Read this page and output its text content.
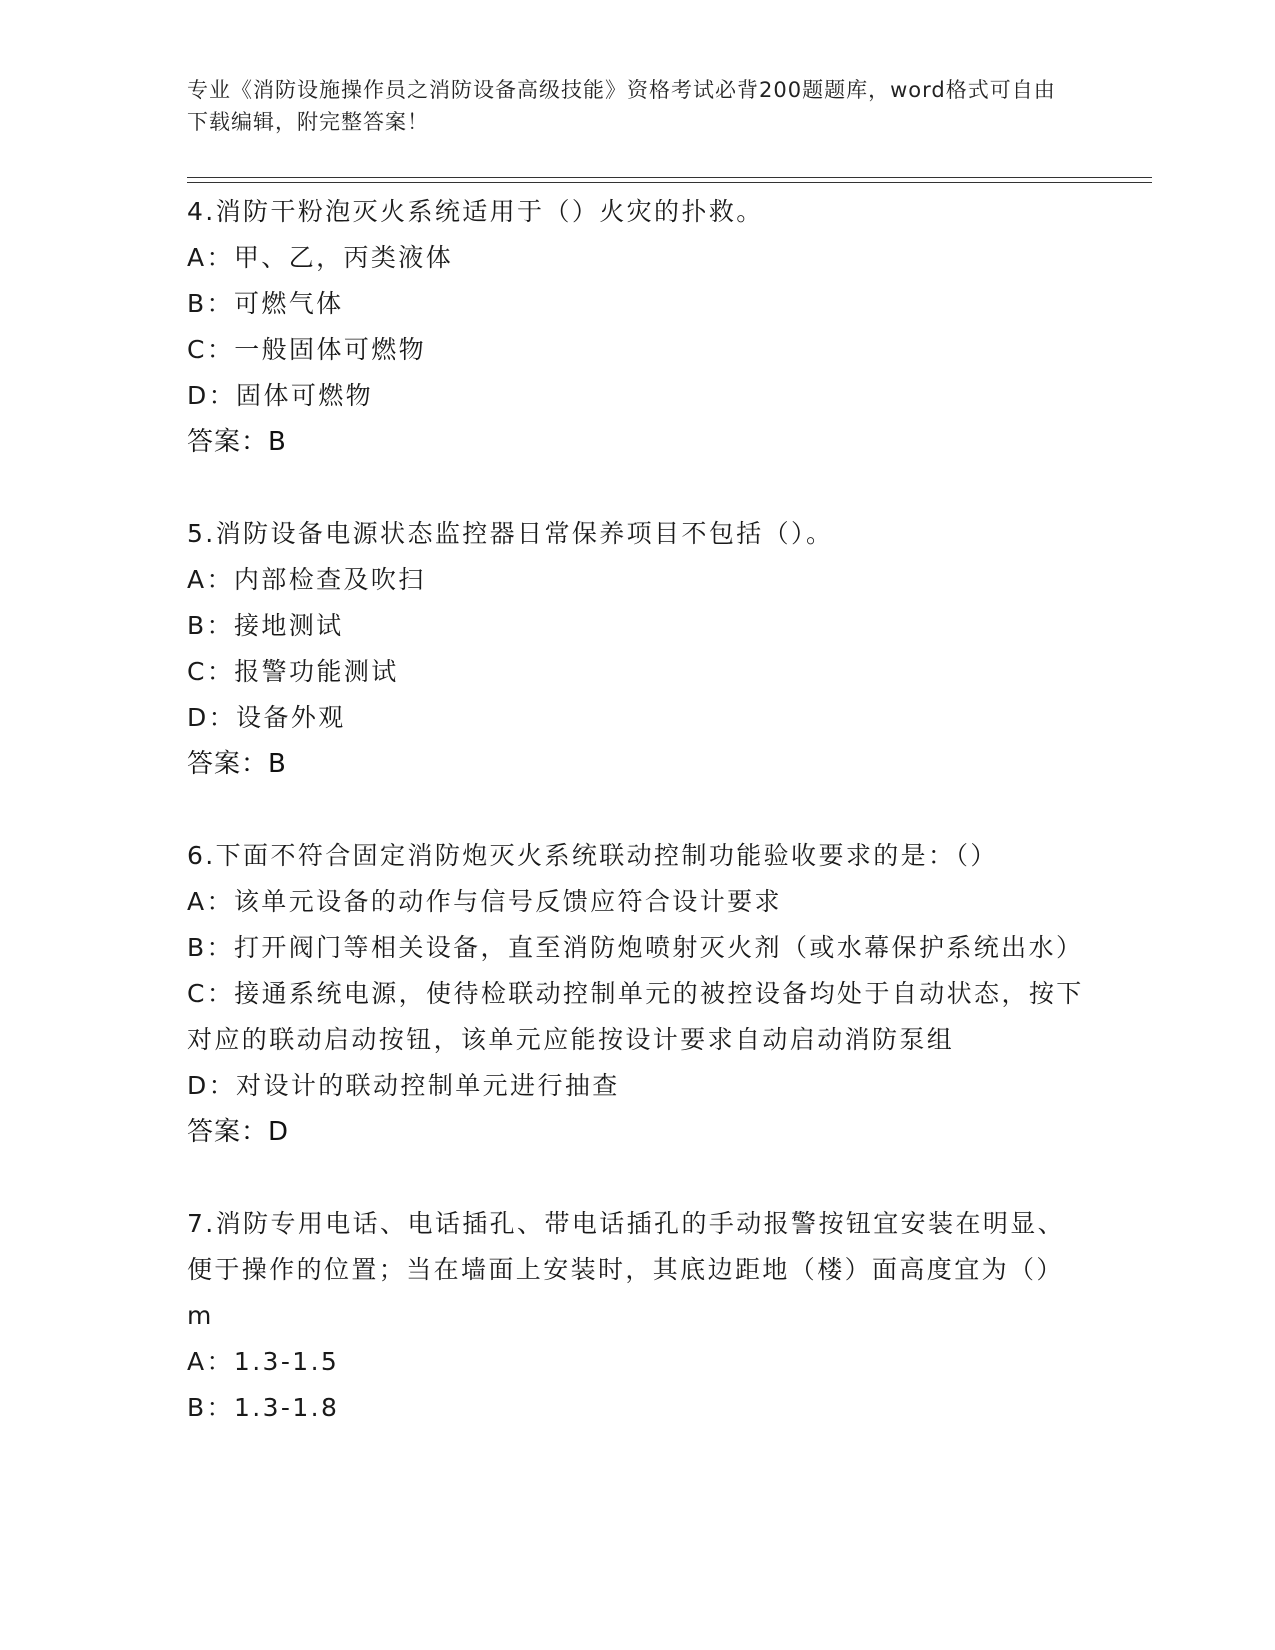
专业《消防设施操作员之消防设备高级技能》资格考试必背200题题库，word格式可自由下载编辑，附完整答案！
4.消防干粉泡灭火系统适用于（）火灾的扑救。
A：甲、乙，丙类液体
B：可燃气体
C：一般固体可燃物
D：固体可燃物
答案：B
5.消防设备电源状态监控器日常保养项目不包括（）。
A：内部检查及吹扫
B：接地测试
C：报警功能测试
D：设备外观
答案：B
6.下面不符合固定消防炮灭火系统联动控制功能验收要求的是：（）
A：该单元设备的动作与信号反馈应符合设计要求
B：打开阀门等相关设备，直至消防炮喷射灭火剂（或水幕保护系统出水）
C：接通系统电源，使待检联动控制单元的被控设备均处于自动状态，按下对应的联动启动按钮，该单元应能按设计要求自动启动消防泵组
D：对设计的联动控制单元进行抽查
答案：D
7.消防专用电话、电话插孔、带电话插孔的手动报警按钮宜安装在明显、便于操作的位置；当在墙面上安装时，其底边距地（楼）面高度宜为（）m
A：1.3-1.5
B：1.3-1.8
